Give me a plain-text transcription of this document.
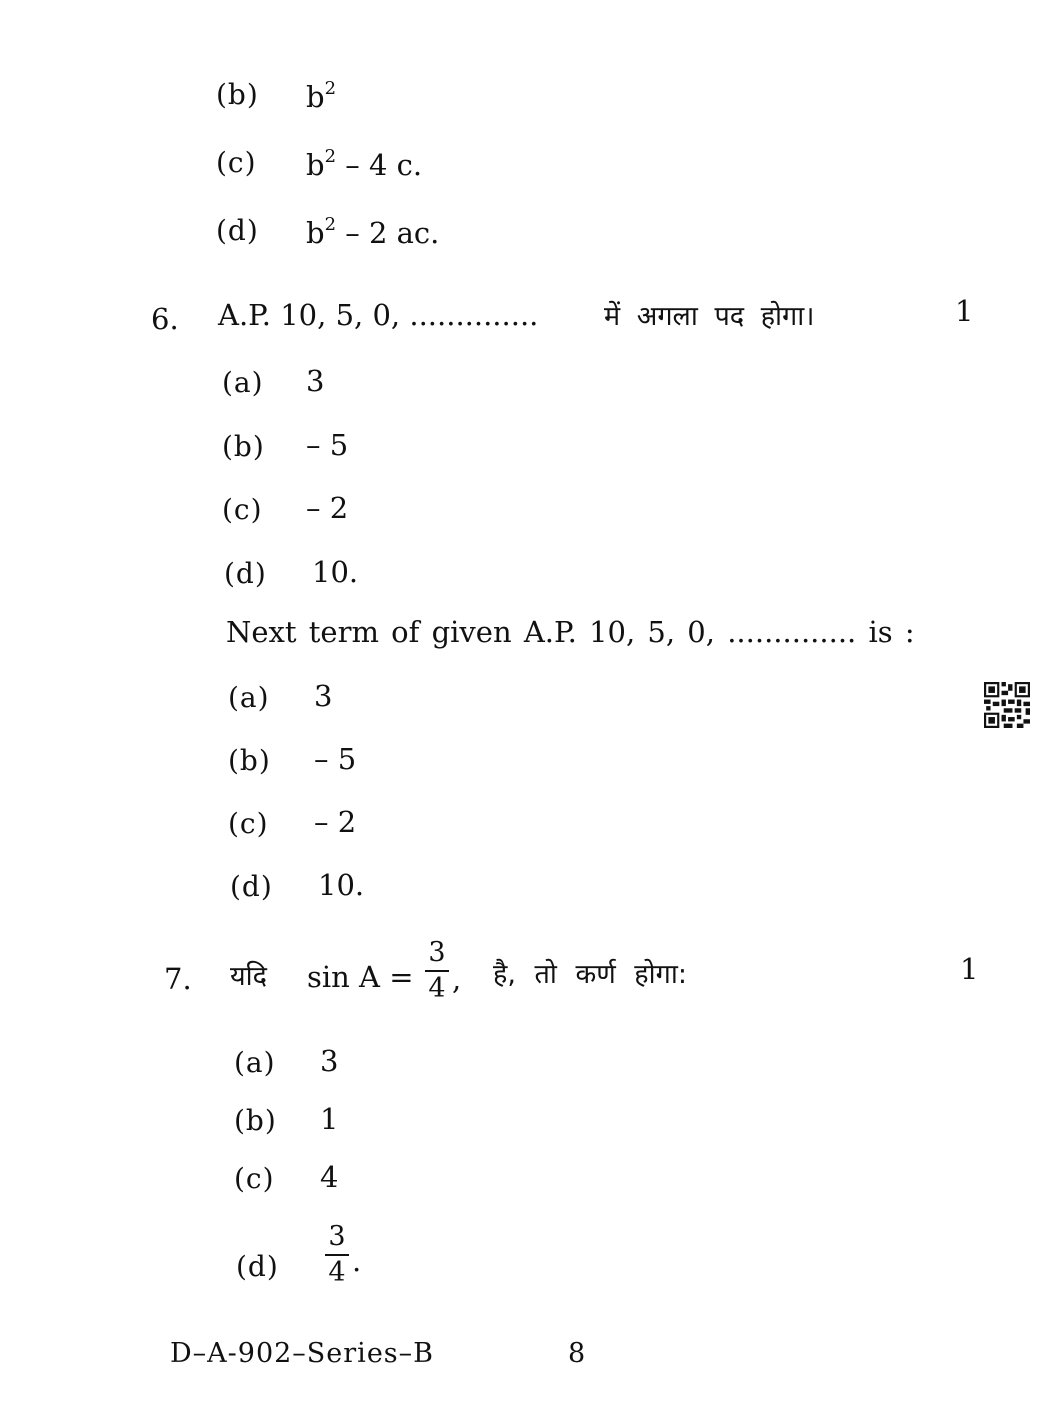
(b) $b^2$
(c) $b^2 - 4$ c.
(d) $b^2 - 2$ ac.
6. A.P. 10, 5, 0, .............. में अगला पद होगा।	1
(a) 3
(b) – 5
(c) – 2
(d) 10.
Next term of given A.P. 10, 5, 0, .............. is :
(a) 3
(b) – 5
(c) – 2
(d) 10.
7. यदि sin A =
3
4 , है, तो कर्ण होगा:	1
(a) 3
(b) 1
(c) 4
(d)
3
4 .
D–A-902–Series–B	8
